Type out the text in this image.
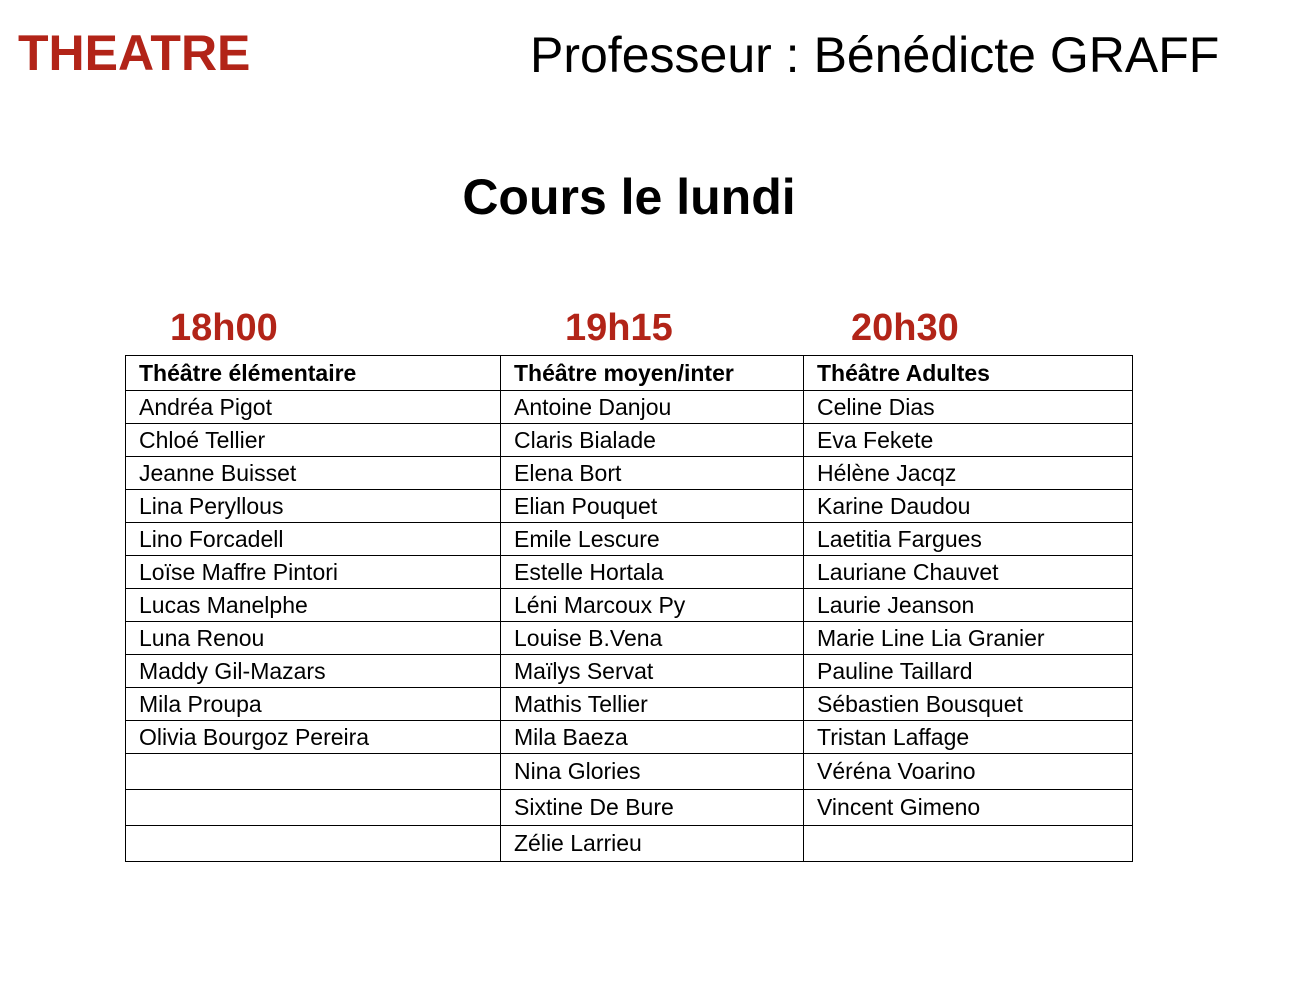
THEATRE	Professeur : Bénédicte GRAFF
Cours le lundi
18h00	19h15	20h30
Théâtre élémentaire	Théâtre moyen/inter	Théâtre Adultes
Andréa Pigot	Antoine Danjou	Celine Dias
Chloé Tellier	Claris Bialade	Eva Fekete
Jeanne Buisset	Elena Bort	Hélène Jacqz
Lina Peryllous	Elian Pouquet	Karine Daudou
Lino Forcadell	Emile Lescure	Laetitia Fargues
Loïse Maffre Pintori	Estelle Hortala	Lauriane Chauvet
Lucas Manelphe	Léni Marcoux Py	Laurie Jeanson
Luna Renou	Louise B.Vena	Marie Line Lia Granier
Maddy Gil-Mazars	Maïlys Servat	Pauline Taillard
Mila Proupa	Mathis Tellier	Sébastien Bousquet
Olivia Bourgoz Pereira	Mila Baeza	Tristan Laffage
	Nina Glories	Véréna Voarino
	Sixtine De Bure	Vincent Gimeno
	Zélie Larrieu	
